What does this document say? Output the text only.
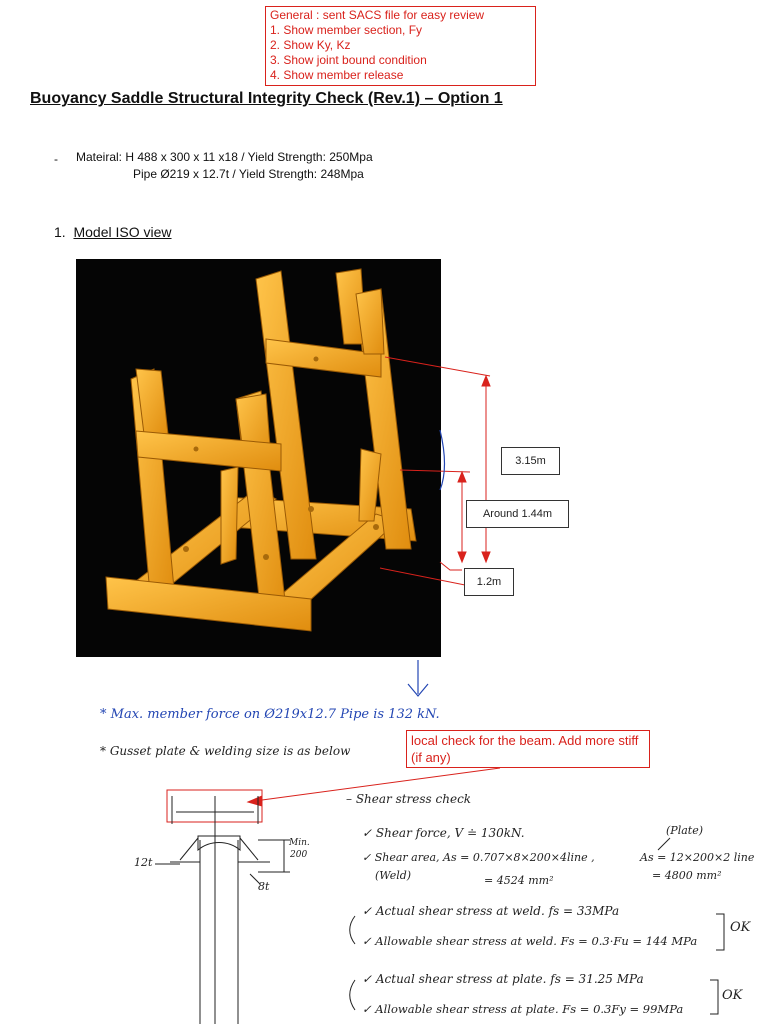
General : sent SACS file for easy review
1. Show member section, Fy
2. Show Ky, Kz
3. Show joint bound condition
4. Show member release
Buoyancy Saddle Structural Integrity Check (Rev.1) – Option 1
- Mateiral: H 488 x 300 x 11 x18 / Yield Strength: 250Mpa
Pipe Ø219 x 12.7t / Yield Strength: 248Mpa
1. Model ISO view
3.15m
Around 1.44m
1.2m
* Max. member force on Ø219x12.7 Pipe is 132 kN.
* Gusset plate & welding size is as below
local check for the beam. Add more stiff (if any)
– Shear stress check
✓ Shear force, V ≐ 130kN.	(Plate)
✓ Shear area, As = 0.707×8×200×4line ,
(Weld)	= 4524 mm²
As = 12×200×2 line
= 4800 mm²
✓ Actual shear stress at weld. fs = 33MPa
✓ Allowable shear stress at weld. Fs = 0.3·Fu = 144 MPa
OK
✓ Actual shear stress at plate. fs = 31.25 MPa
✓ Allowable shear stress at plate. Fs = 0.3Fy = 99MPa
OK
12t
8t
Min.
200
